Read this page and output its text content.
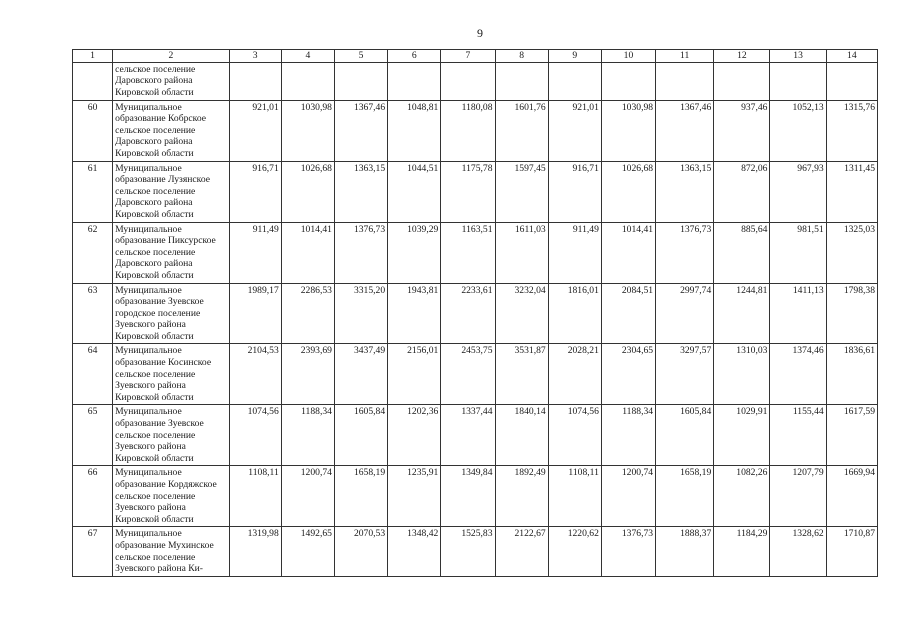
9
1	2	3	4	5	6	7	8	9	10	11	12	13	14
	сельское поселение Даровского района Кировской области												
60	Муниципальное образование Кобрское сельское поселение Даровского района Кировской области	921,01	1030,98	1367,46	1048,81	1180,08	1601,76	921,01	1030,98	1367,46	937,46	1052,13	1315,76
61	Муниципальное образование Лузянское сельское поселение Даровского района Кировской области	916,71	1026,68	1363,15	1044,51	1175,78	1597,45	916,71	1026,68	1363,15	872,06	967,93	1311,45
62	Муниципальное образование Пиксурское сельское поселение Даровского района Кировской области	911,49	1014,41	1376,73	1039,29	1163,51	1611,03	911,49	1014,41	1376,73	885,64	981,51	1325,03
63	Муниципальное образование Зуевское городское поселение Зуевского района Кировской области	1989,17	2286,53	3315,20	1943,81	2233,61	3232,04	1816,01	2084,51	2997,74	1244,81	1411,13	1798,38
64	Муниципальное образование Косинское сельское поселение Зуевского района Кировской области	2104,53	2393,69	3437,49	2156,01	2453,75	3531,87	2028,21	2304,65	3297,57	1310,03	1374,46	1836,61
65	Муниципальное образование Зуевское сельское поселение Зуевского района Кировской области	1074,56	1188,34	1605,84	1202,36	1337,44	1840,14	1074,56	1188,34	1605,84	1029,91	1155,44	1617,59
66	Муниципальное образование Кордяжское сельское поселение Зуевского района Кировской области	1108,11	1200,74	1658,19	1235,91	1349,84	1892,49	1108,11	1200,74	1658,19	1082,26	1207,79	1669,94
67	Муниципальное образование Мухинское сельское поселение Зуевского района Ки-	1319,98	1492,65	2070,53	1348,42	1525,83	2122,67	1220,62	1376,73	1888,37	1184,29	1328,62	1710,87
